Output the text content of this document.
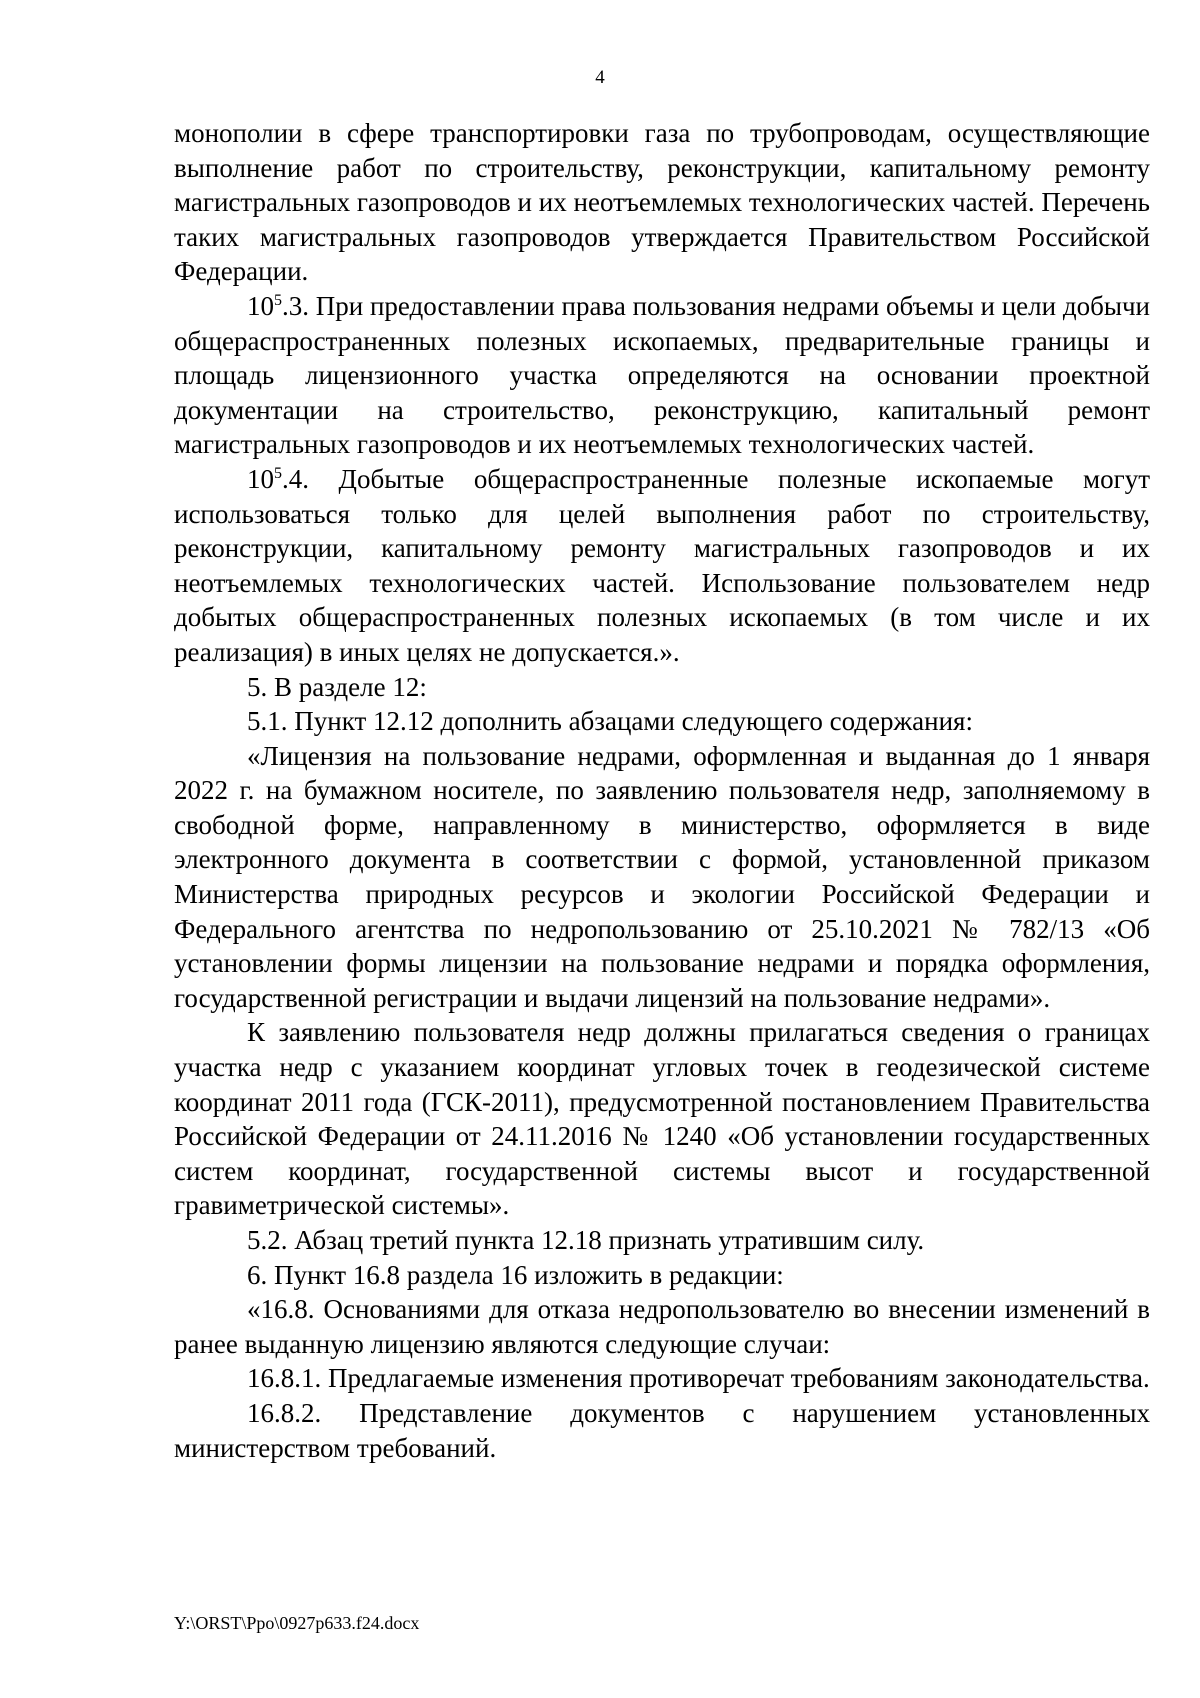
4

монополии в сфере транспортировки газа по трубопроводам, осуществляющие выполнение работ по строительству, реконструкции, капитальному ремонту магистральных газопроводов и их неотъемлемых технологических частей. Перечень таких магистральных газопроводов утверждается Правительством Российской Федерации.

$10^5.3$. При предоставлении права пользования недрами объемы и цели добычи общераспространенных полезных ископаемых, предварительные границы и площадь лицензионного участка определяются на основании проектной документации на строительство, реконструкцию, капитальный ремонт магистральных газопроводов и их неотъемлемых технологических частей.

$10^5.4$. Добытые общераспространенные полезные ископаемые могут использоваться только для целей выполнения работ по строительству, реконструкции, капитальному ремонту магистральных газопроводов и их неотъемлемых технологических частей. Использование пользователем недр добытых общераспространенных полезных ископаемых (в том числе и их реализация) в иных целях не допускается.».

5. В разделе 12:

5.1. Пункт 12.12 дополнить абзацами следующего содержания:

«Лицензия на пользование недрами, оформленная и выданная до 1 января 2022 г. на бумажном носителе, по заявлению пользователя недр, заполняемому в свободной форме, направленному в министерство, оформляется в виде электронного документа в соответствии с формой, установленной приказом Министерства природных ресурсов и экологии Российской Федерации и Федерального агентства по недропользованию от 25.10.2021 № 782/13 «Об установлении формы лицензии на пользование недрами и порядка оформления, государственной регистрации и выдачи лицензий на пользование недрами».

К заявлению пользователя недр должны прилагаться сведения о границах участка недр с указанием координат угловых точек в геодезической системе координат 2011 года (ГСК-2011), предусмотренной постановлением Правительства Российской Федерации от 24.11.2016 № 1240 «Об установлении государственных систем координат, государственной системы высот и государственной гравиметрической системы».

5.2. Абзац третий пункта 12.18 признать утратившим силу.

6. Пункт 16.8 раздела 16 изложить в редакции:

«16.8. Основаниями для отказа недропользователю во внесении изменений в ранее выданную лицензию являются следующие случаи:

16.8.1. Предлагаемые изменения противоречат требованиям законодательства.

16.8.2. Представление документов с нарушением установленных министерством требований.

Y:\ORST\Ppo\0927p633.f24.docx
